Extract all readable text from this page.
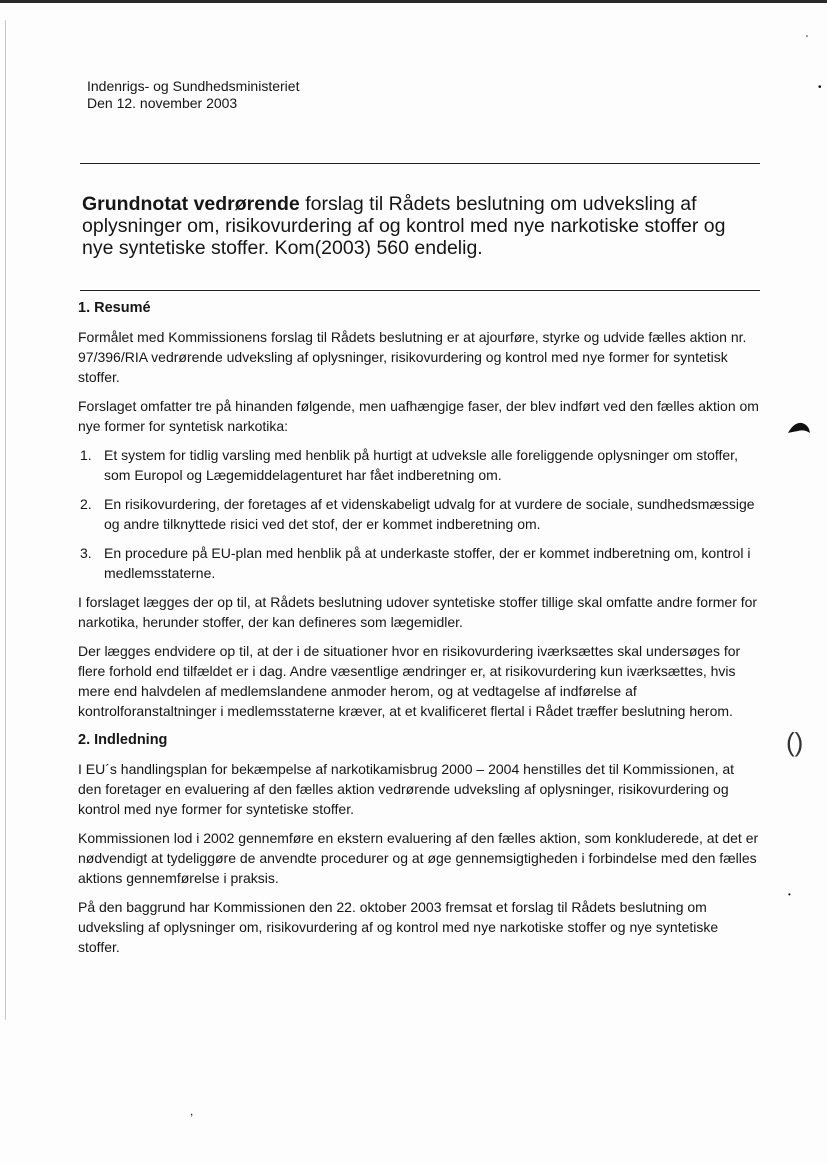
Indenrigs- og Sundhedsministeriet
Den 12. november 2003
Grundnotat vedrørende forslag til Rådets beslutning om udveksling af oplysninger om, risikovurdering af og kontrol med nye narkotiske stoffer og nye syntetiske stoffer. Kom(2003) 560 endelig.
1. Resumé

Formålet med Kommissionens forslag til Rådets beslutning er at ajourføre, styrke og udvide fælles aktion nr. 97/396/RIA vedrørende udveksling af oplysninger, risikovurdering og kontrol med nye former for syntetisk stoffer.

Forslaget omfatter tre på hinanden følgende, men uafhængige faser, der blev indført ved den fælles aktion om nye former for syntetisk narkotika:

1. Et system for tidlig varsling med henblik på hurtigt at udveksle alle foreliggende oplysninger om stoffer, som Europol og Lægemiddelagenturet har fået indberetning om.
2. En risikovurdering, der foretages af et videnskabeligt udvalg for at vurdere de sociale, sundhedsmæssige og andre tilknyttede risici ved det stof, der er kommet indberetning om.
3. En procedure på EU-plan med henblik på at underkaste stoffer, der er kommet indberetning om, kontrol i medlemsstaterne.

I forslaget lægges der op til, at Rådets beslutning udover syntetiske stoffer tillige skal omfatte andre former for narkotika, herunder stoffer, der kan defineres som lægemidler.

Der lægges endvidere op til, at der i de situationer hvor en risikovurdering iværksættes skal undersøges for flere forhold end tilfældet er i dag. Andre væsentlige ændringer er, at risikovurdering kun iværksættes, hvis mere end halvdelen af medlemslandene anmoder herom, og at vedtagelse af indførelse af kontrolforanstaltninger i medlemsstaterne kræver, at et kvalificeret flertal i Rådet træffer beslutning herom.

2. Indledning

I EU´s handlingsplan for bekæmpelse af narkotikamisbrug 2000 – 2004 henstilles det til Kommissionen, at den foretager en evaluering af den fælles aktion vedrørende udveksling af oplysninger, risikovurdering og kontrol med nye former for syntetiske stoffer.

Kommissionen lod i 2002 gennemføre en ekstern evaluering af den fælles aktion, som konkluderede, at det er nødvendigt at tydeliggøre de anvendte procedurer og at øge gennemsigtigheden i forbindelse med den fælles aktions gennemførelse i praksis.

På den baggrund har Kommissionen den 22. oktober 2003 fremsat et forslag til Rådets beslutning om udveksling af oplysninger om, risikovurdering af og kontrol med nye narkotiske stoffer og nye syntetiske stoffer.

'
•
()
•
,
